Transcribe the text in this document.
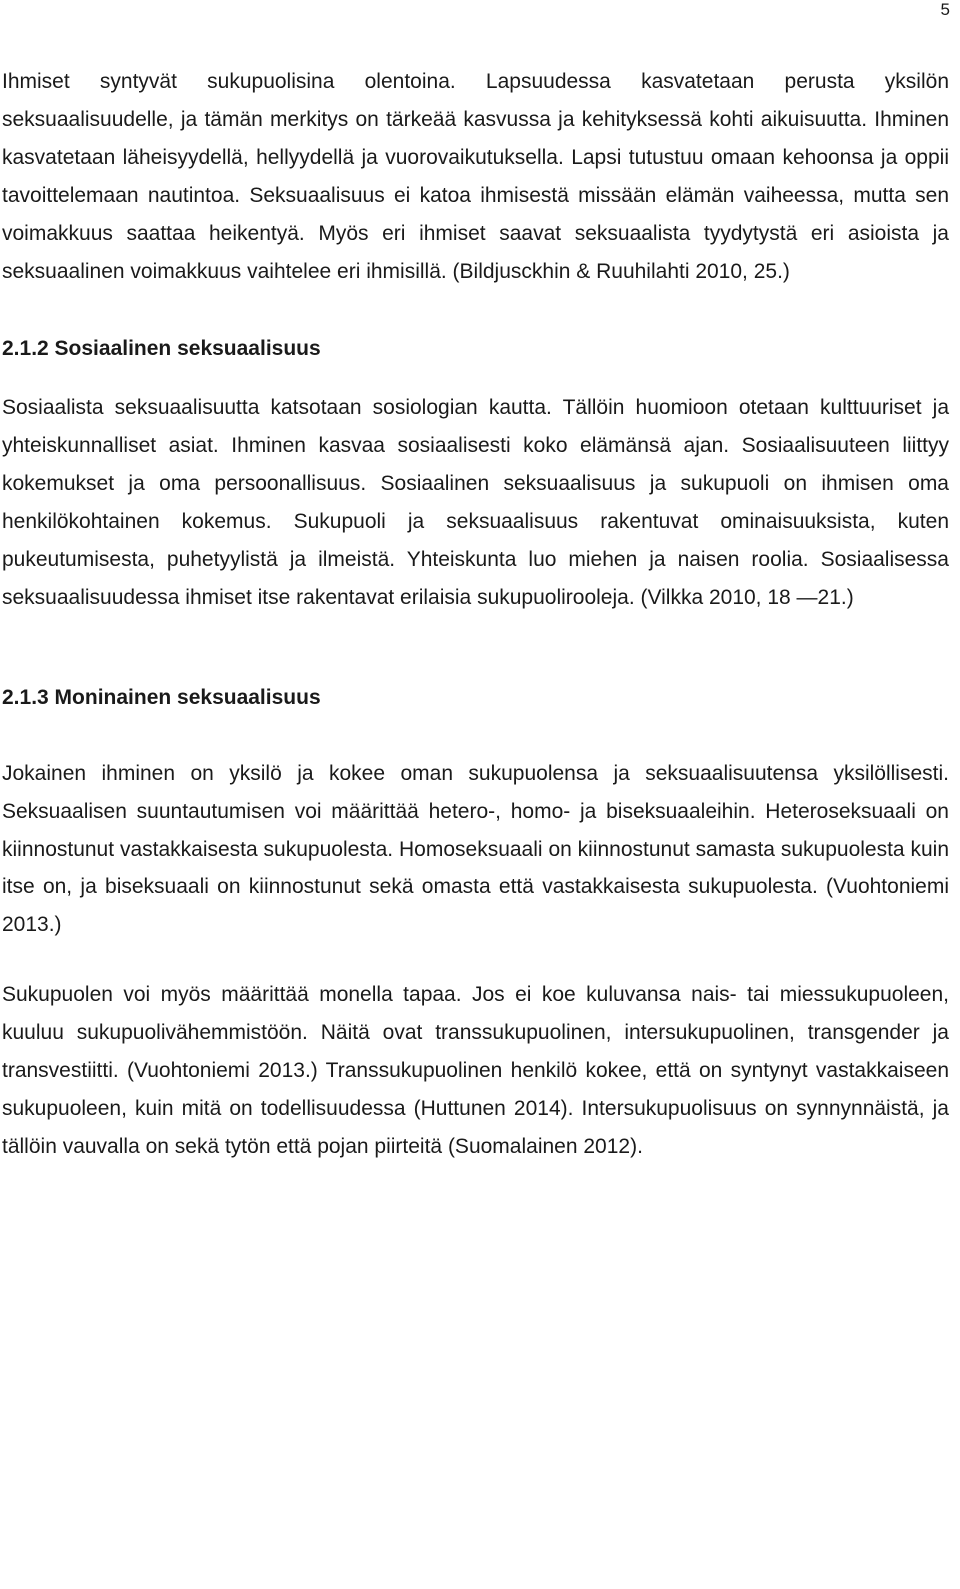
5

Ihmiset syntyvät sukupuolisina olentoina. Lapsuudessa kasvatetaan perusta yksilön seksuaalisuudelle, ja tämän merkitys on tärkeää kasvussa ja kehityksessä kohti aikuisuutta. Ihminen kasvatetaan läheisyydellä, hellyydellä ja vuorovaikutuksella. Lapsi tutustuu omaan kehoonsa ja oppii tavoittelemaan nautintoa. Seksuaalisuus ei katoa ihmisestä missään elämän vaiheessa, mutta sen voimakkuus saattaa heikentyä. Myös eri ihmiset saavat seksuaalista tyydytystä eri asioista ja seksuaalinen voimakkuus vaihtelee eri ihmisillä. (Bildjusckhin & Ruuhilahti 2010, 25.)

2.1.2 Sosiaalinen seksuaalisuus

Sosiaalista seksuaalisuutta katsotaan sosiologian kautta. Tällöin huomioon otetaan kulttuuriset ja yhteiskunnalliset asiat. Ihminen kasvaa sosiaalisesti koko elämänsä ajan. Sosiaalisuuteen liittyy kokemukset ja oma persoonallisuus. Sosiaalinen seksuaalisuus ja sukupuoli on ihmisen oma henkilökohtainen kokemus. Sukupuoli ja seksuaalisuus rakentuvat ominaisuuksista, kuten pukeutumisesta, puhetyylistä ja ilmeistä. Yhteiskunta luo miehen ja naisen roolia. Sosiaalisessa seksuaalisuudessa ihmiset itse rakentavat erilaisia sukupuolirooleja. (Vilkka 2010, 18 —21.)

2.1.3 Moninainen seksuaalisuus

Jokainen ihminen on yksilö ja kokee oman sukupuolensa ja seksuaalisuutensa yksilöllisesti. Seksuaalisen suuntautumisen voi määrittää hetero-, homo- ja biseksuaaleihin. Heteroseksuaali on kiinnostunut vastakkaisesta sukupuolesta. Homoseksuaali on kiinnostunut samasta sukupuolesta kuin itse on, ja biseksuaali on kiinnostunut sekä omasta että vastakkaisesta sukupuolesta. (Vuohtoniemi 2013.)

Sukupuolen voi myös määrittää monella tapaa. Jos ei koe kuluvansa nais- tai miessukupuoleen, kuuluu sukupuolivähemmistöön. Näitä ovat transsukupuolinen, intersukupuolinen, transgender ja transvestiitti. (Vuohtoniemi 2013.) Transsukupuolinen henkilö kokee, että on syntynyt vastakkaiseen sukupuoleen, kuin mitä on todellisuudessa (Huttunen 2014). Intersukupuolisuus on synnynnäistä, ja tällöin vauvalla on sekä tytön että pojan piirteitä (Suomalainen 2012).
